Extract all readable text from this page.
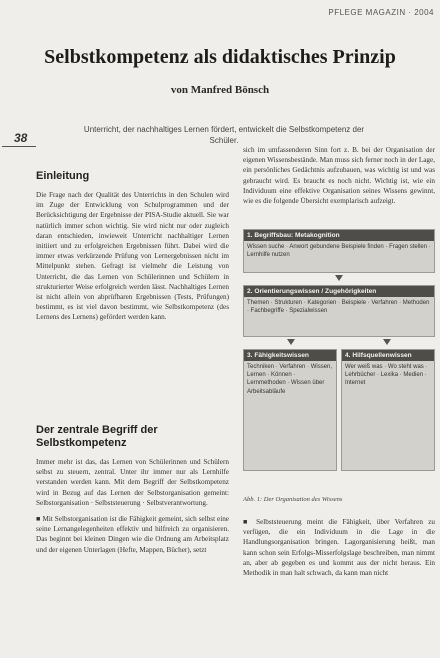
PFLEGE MAGAZIN · 2004
Selbstkompetenz als didaktisches Prinzip
von Manfred Bönsch
38
Unterricht, der nachhaltiges Lernen fördert, entwickelt die Selbstkompetenz der Schüler.
Einleitung

Die Frage nach der Qualität des Unterrichts in den Schulen wird im Zuge der Entwicklung von Schulprogrammen und der Berücksichtigung der Ergebnisse der PISA-Studie aktuell. Sie war natürlich immer schon wichtig. Sie wird nicht nur oder zugleich daran entschieden, inwieweit Unterricht nachhaltiger Lernen initiiert und zu erfolgreichen Ergebnissen führt. Dabei wird die immer etwas verkürzende Prüfung von Lernergebnissen nicht im Mittelpunkt stehen. Gefragt ist vielmehr die Leistung von Unterricht, die das Lernen von Schülerinnen und Schülern in strukturierter Weise erfolgreich werden lässt. Nachhaltiges Lernen ist nicht allein von abprüfbaren Ergebnissen (Tests, Prüfungen) bestimmt, es ist viel davon bestimmt, wie Selbstkompetenz (des Lernens des Lernens) gefördert werden kann.

Der zentrale Begriff der Selbstkompetenz

Immer mehr ist das, das Lernen von Schülerinnen und Schülern selbst zu steuern, zentral. Unter ihr immer nur als Lernhilfe verstanden werden kann. Mit dem Begriff der Selbstkompetenz wird in Bezug auf das Lernen der Selbstorganisation gemeint: Selbstorganisation · Selbststeuerung · Selbstverantwortung.

■ Mit Selbstorganisation ist die Fähigkeit gemeint, sich selbst eine seine Lernangelegenheiten effektiv und hilfreich zu organisieren. Das beginnt bei kleinen Dingen wie die Ordnung am Arbeitsplatz und der eigenen Unterlagen (Hefte, Mappen, Bücher), setzt

sich im umfassenderen Sinn fort z. B. bei der Organisation der eigenen Wissensbestände. Man muss sich ferner noch in der Lage, ein persönliches Gedächtnis aufzubauen, was wichtig ist und was gebraucht wird. Es braucht es noch nicht. Wichtig ist, wie ein Individuum eine effektive Organisation seines Wissens gewinnt, wie es die folgende Übersicht exemplarisch aufzeigt.

1. Begriffsbau: Metakognition
Wissen suche · Anwort gebundene Beispiele finden · Fragen stellen · Lernhilfe nutzen
2. Orientierungswissen / Zugehörigkeiten
Themen · Strukturen · Kategorien · Beispiele · Verfahren · Methoden · Fachbegriffe · Spezialwissen
3. Fähigkeitswissen
Techniken · Verfahren · Wissen, Lernen · Können · Lernmethoden · Wissen über Arbeitsabläufe
4. Hilfsquellenwissen
Wer weiß was · Wo steht was · Lehrbücher · Lexika · Medien · Internet
Abb. 1: Der Organisation des Wissens

■ Selbststeuerung meint die Fähigkeit, über Verfahren zu verfügen, die ein Individuum in die Lage in die Handlungsorganisation bringen. Lagorganisierung heißt, man kann schon sein Erfolgs-Misserfolgslage beschreiben, man nimmt an, aber ab gegeben es und kommt aus der nicht heraus. Ein Methodik in man halt schwach, da kann man nicht
